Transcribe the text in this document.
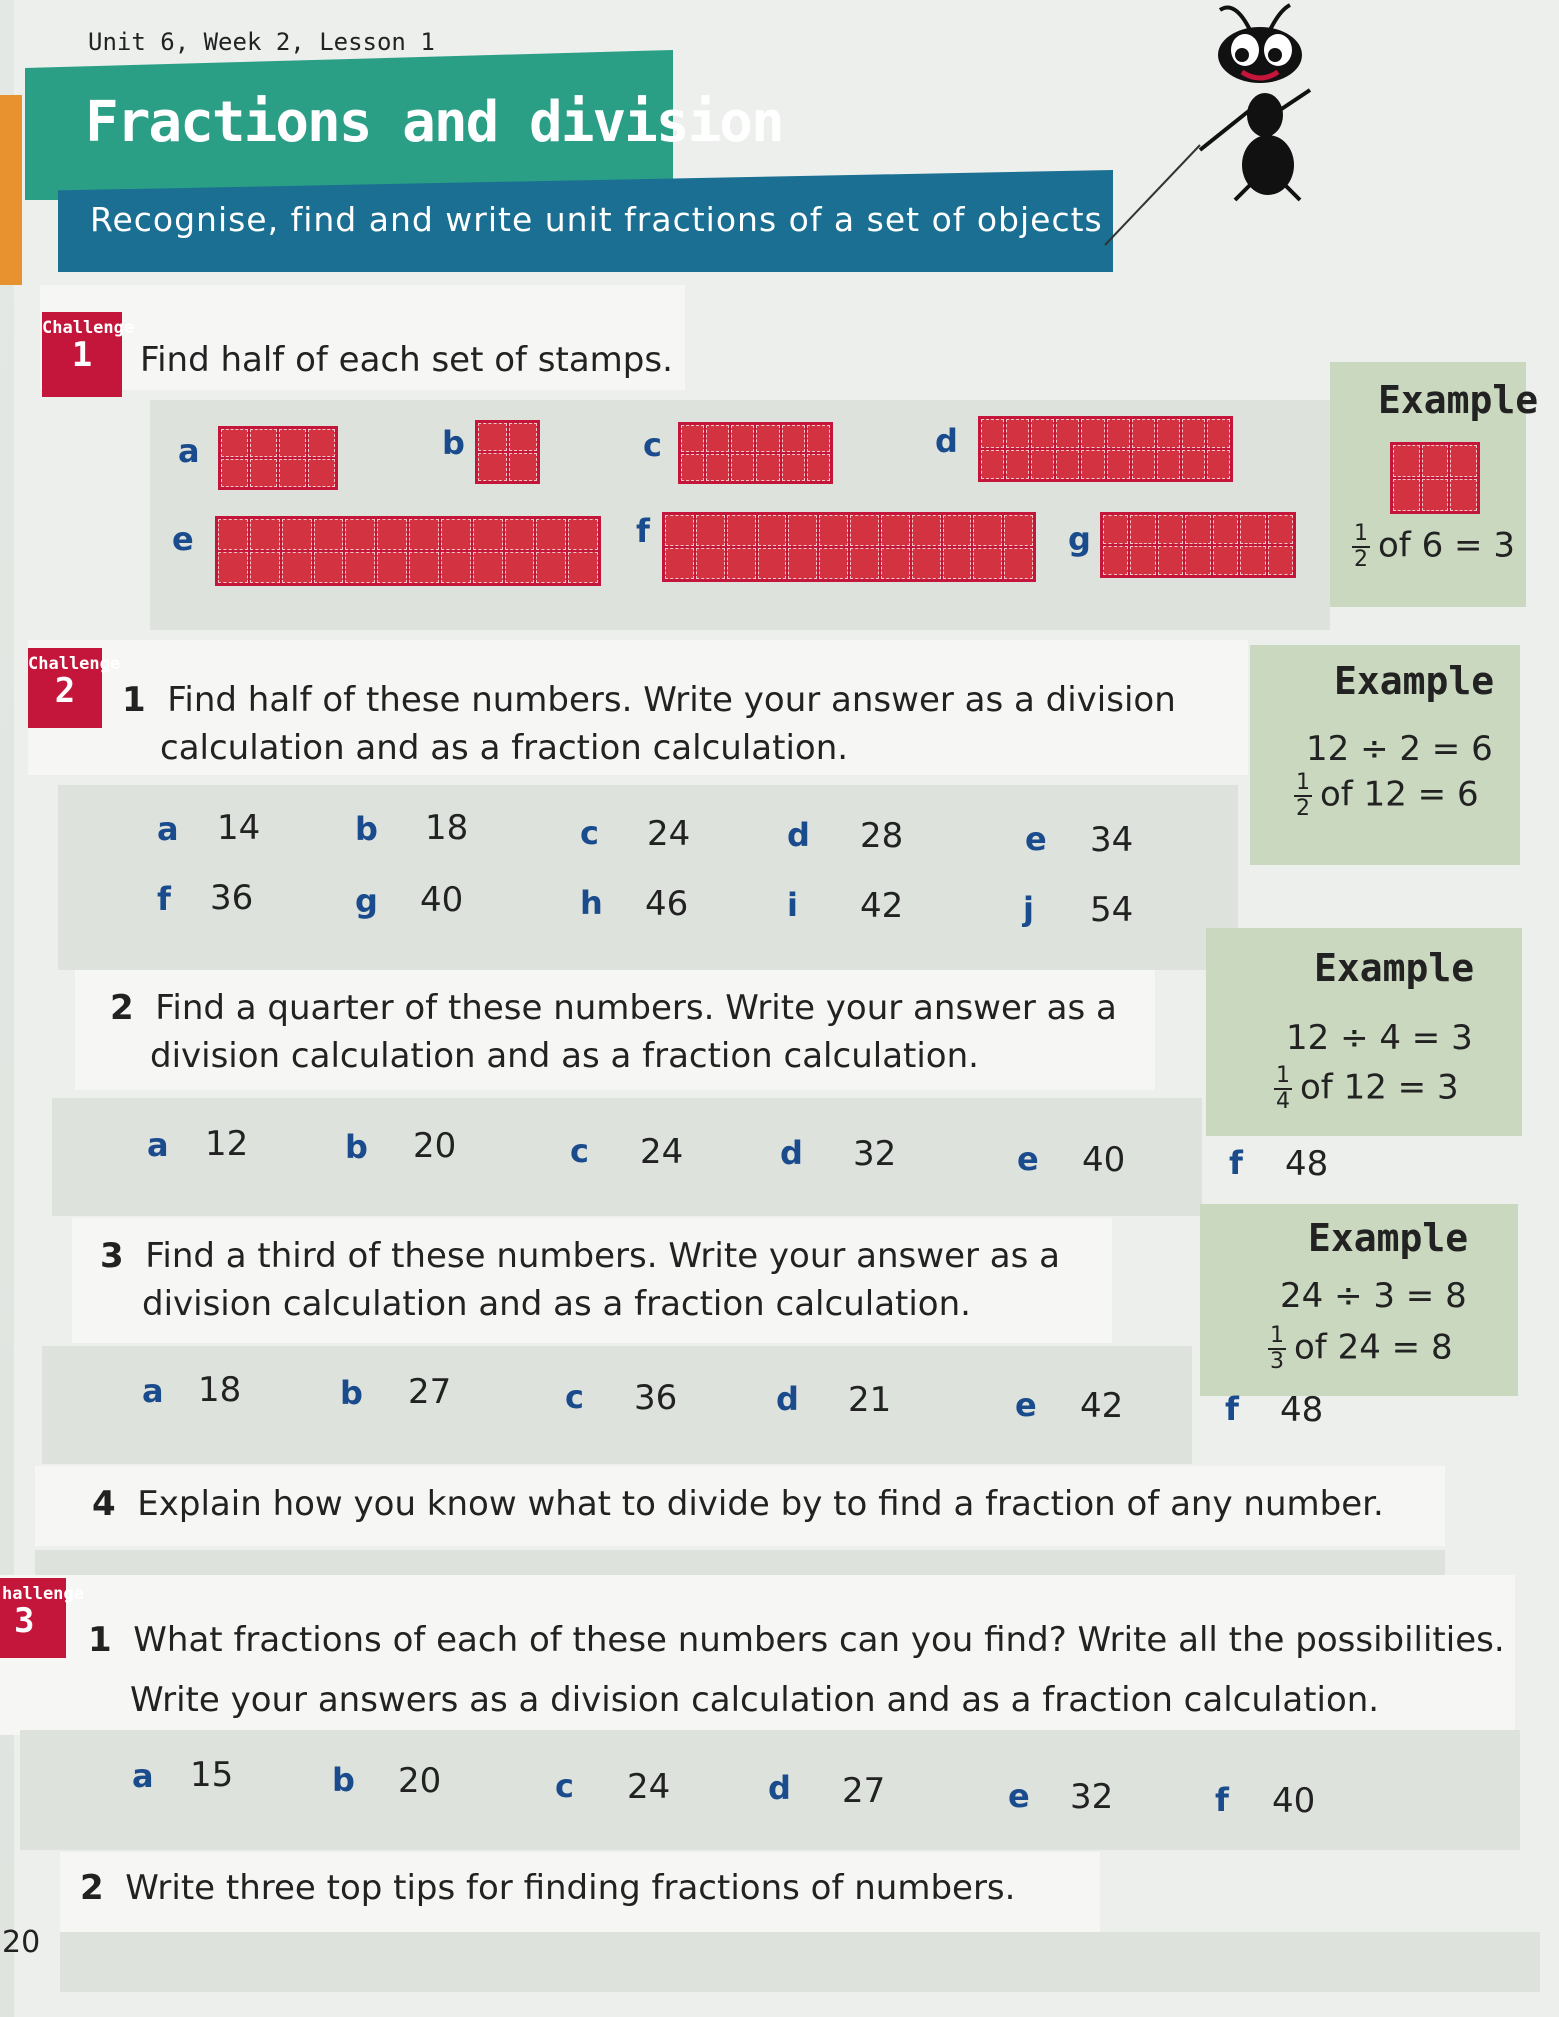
Unit 6, Week 2, Lesson 1
Fractions and division
Recognise, find and write unit fractions of a set of objects
Challenge
1	Find half of each set of stamps.
a	b	c	d
e	f	g
Example
$\frac{1}{2}$ of 6 = 3
Challenge
2	1 Find half of these numbers. Write your answer as a division
calculation and as a fraction calculation.
Example
12 ÷ 2 = 6
$\frac{1}{2}$ of 12 = 6
a 14	b 18	c 24	d 28	e 34
f 36	g 40	h 46	i 42	j 54
2 Find a quarter of these numbers. Write your answer as a
division calculation and as a fraction calculation.
Example
12 ÷ 4 = 3
$\frac{1}{4}$ of 12 = 3
a 12	b 20	c 24	d 32	e 40	f 48
3 Find a third of these numbers. Write your answer as a
division calculation and as a fraction calculation.
Example
24 ÷ 3 = 8
$\frac{1}{3}$ of 24 = 8
a 18	b 27	c 36	d 21	e 42	f 48
4 Explain how you know what to divide by to find a fraction of any number.
hallenge
3	1 What fractions of each of these numbers can you find? Write all the possibilities.
Write your answers as a division calculation and as a fraction calculation.
a 15	b 20	c 24	d 27	e 32	f 40
2 Write three top tips for finding fractions of numbers.
20
